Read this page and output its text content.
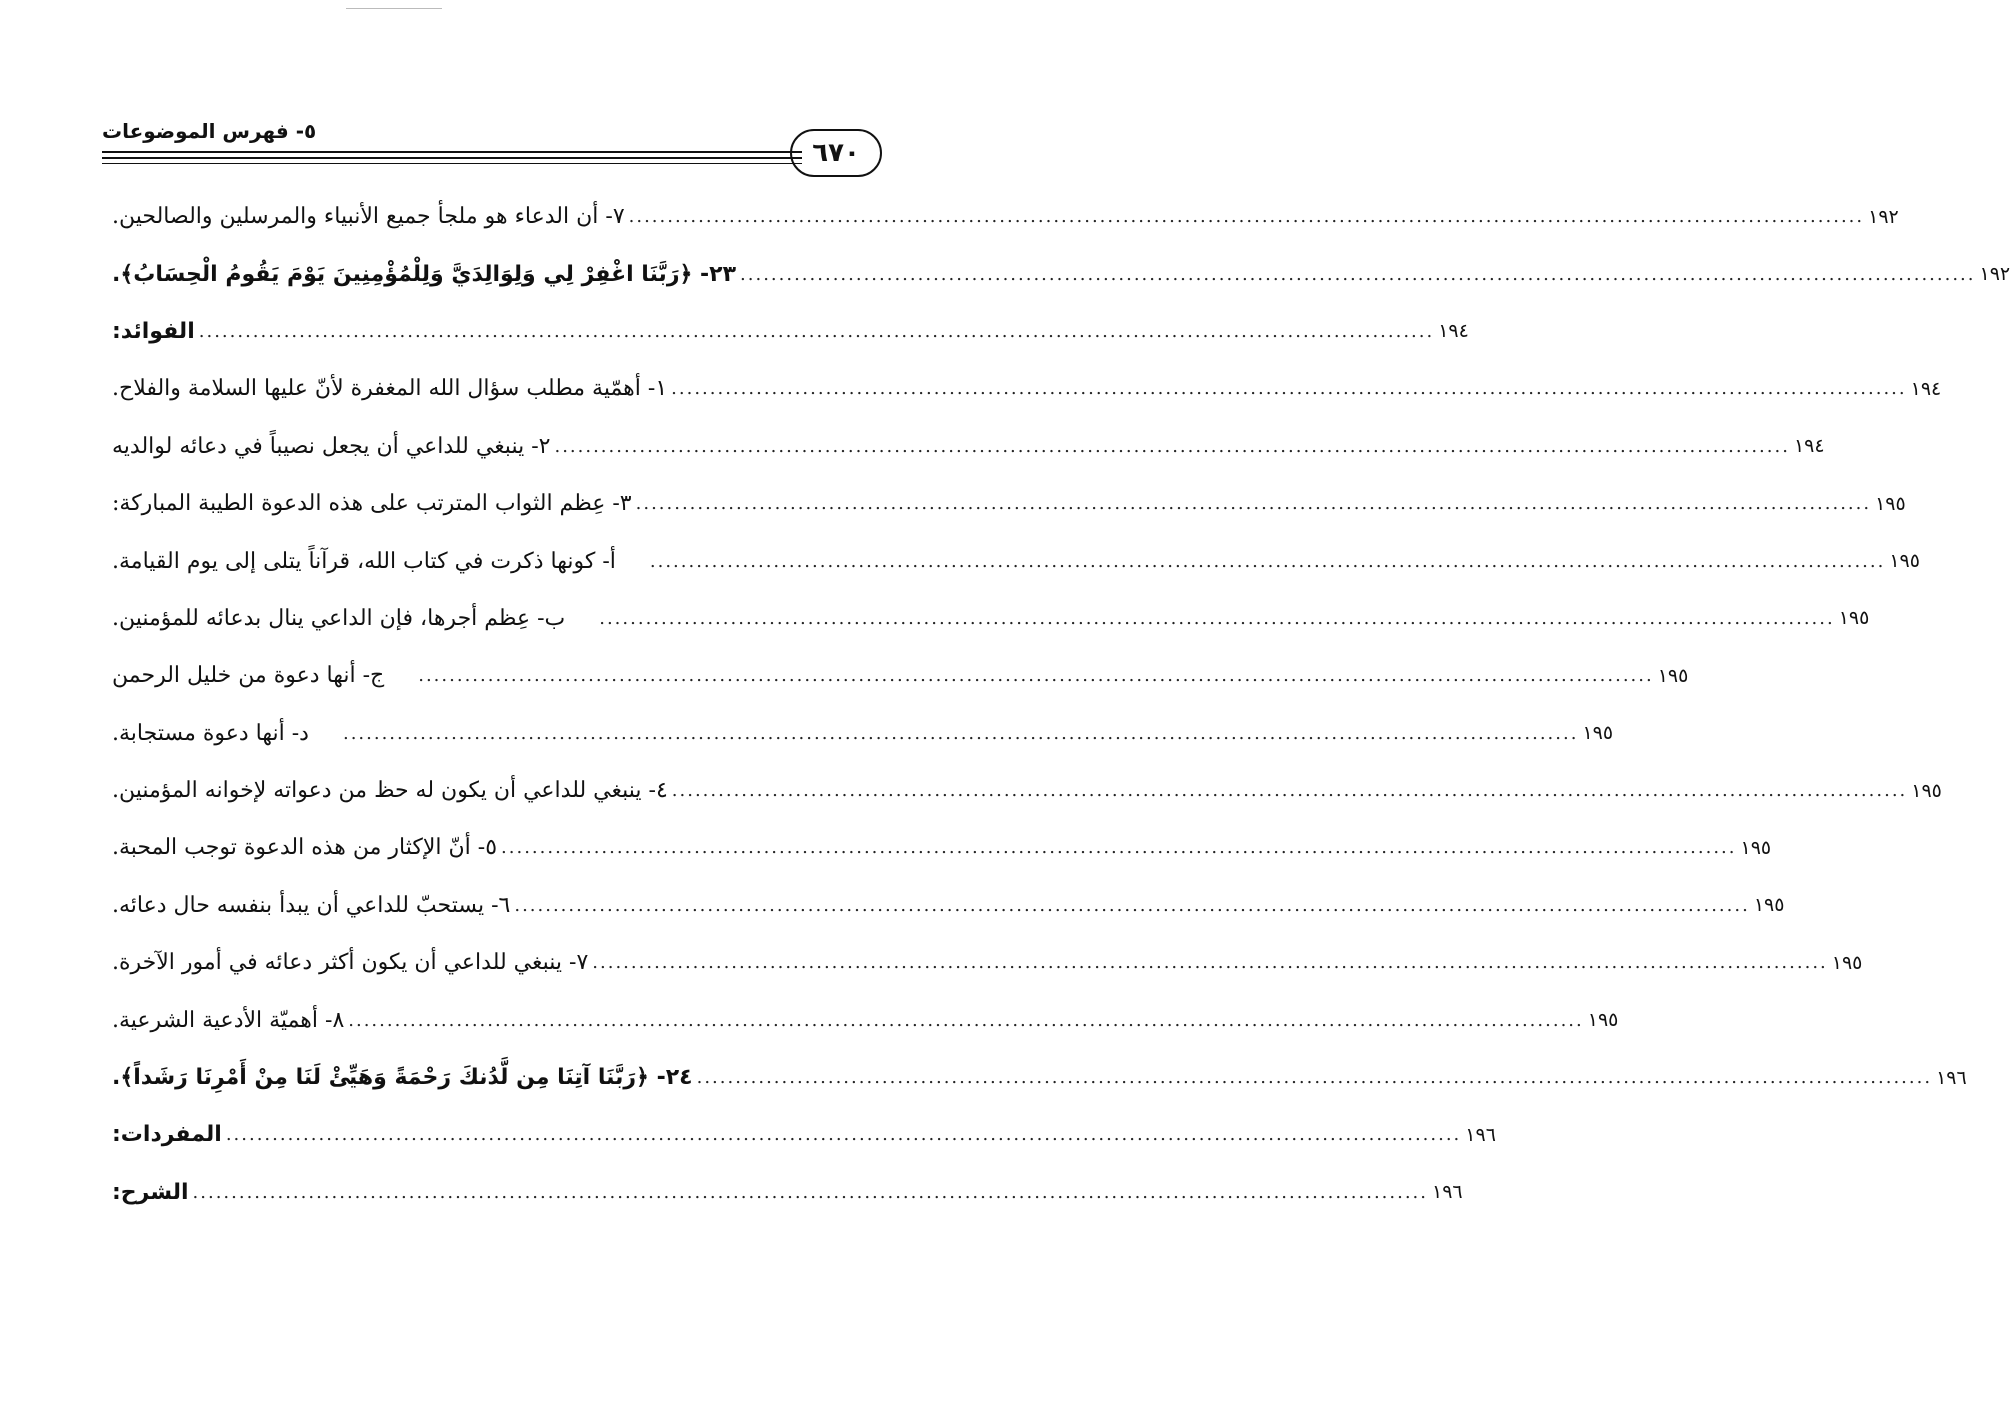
٥- فهرس الموضوعات
٦٧٠
٧- أن الدعاء هو ملجأ جميع الأنبياء والمرسلين والصالحين. ................................................................................................................................................................ ١٩٢
٢٣- ﴿رَبَّنَا اغْفِرْ لِي وَلِوَالِدَيَّ وَلِلْمُؤْمِنِينَ يَوْمَ يَقُومُ الْحِسَابُ﴾. ................................................................................................................................................................ ١٩٢
الفوائد: ................................................................................................................................................................ ١٩٤
١- أهمّية مطلب سؤال الله المغفرة لأنّ عليها السلامة والفلاح. ................................................................................................................................................................ ١٩٤
٢- ينبغي للداعي أن يجعل نصيباً في دعائه لوالديه ................................................................................................................................................................ ١٩٤
٣- عِظم الثواب المترتب على هذه الدعوة الطيبة المباركة: ................................................................................................................................................................ ١٩٥
أ- كونها ذكرت في كتاب الله، قرآناً يتلى إلى يوم القيامة.	................................................................................................................................................................ ١٩٥
ب- عِظم أجرها، فإن الداعي ينال بدعائه للمؤمنين.	................................................................................................................................................................ ١٩٥
ج- أنها دعوة من خليل الرحمن	................................................................................................................................................................ ١٩٥
د- أنها دعوة مستجابة.	................................................................................................................................................................ ١٩٥
٤- ينبغي للداعي أن يكون له حظ من دعواته لإخوانه المؤمنين. ................................................................................................................................................................ ١٩٥
٥- أنّ الإكثار من هذه الدعوة توجب المحبة. ................................................................................................................................................................ ١٩٥
٦- يستحبّ للداعي أن يبدأ بنفسه حال دعائه. ................................................................................................................................................................ ١٩٥
٧- ينبغي للداعي أن يكون أكثر دعائه في أمور الآخرة. ................................................................................................................................................................ ١٩٥
٨- أهميّة الأدعية الشرعية. ................................................................................................................................................................ ١٩٥
٢٤- ﴿رَبَّنَا آتِنَا مِن لَّدُنكَ رَحْمَةً وَهَيِّئْ لَنَا مِنْ أَمْرِنَا رَشَداً﴾. ................................................................................................................................................................ ١٩٦
المفردات: ................................................................................................................................................................ ١٩٦
الشرح: ................................................................................................................................................................ ١٩٦
